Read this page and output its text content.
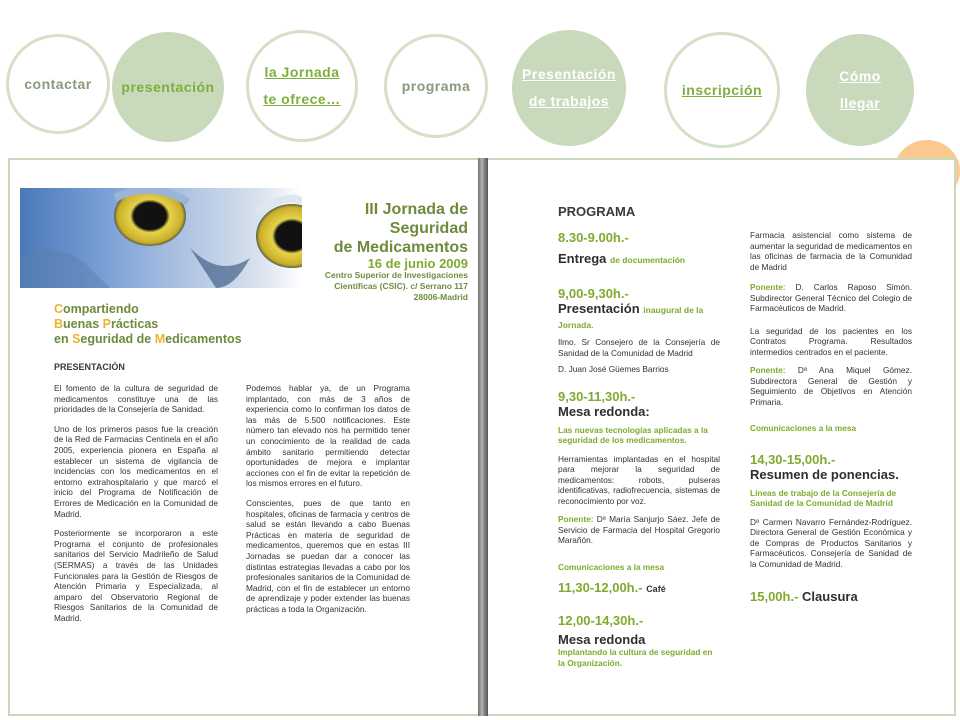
contactar presentación
la Jornada
te ofrece…
programa
Presentación
de trabajos
inscripción
Cómo
llegar
III Jornada de
Seguridad
de Medicamentos
16 de junio 2009
Centro Superior de Investigaciones
Científicas (CSIC). c/ Serrano 117
28006-Madrid
Compartiendo
Buenas Prácticas
en Seguridad de Medicamentos
PRESENTACIÓN

El fomento de la cultura de seguridad de medicamentos constituye una de las prioridades de la Consejería de Sanidad.

Uno de los primeros pasos fue la creación de la Red de Farmacias Centinela en el año 2005, experiencia pionera en España al establecer un sistema de vigilancia de incidencias con los medicamentos en el entorno extrahospitalario y que marcó el inicio del Programa de Notificación de Errores de Medicación en la Comunidad de Madrid.

Posteriormente se incorporaron a este Programa el conjunto de profesionales sanitarios del Servicio Madrileño de Salud (SERMAS) a través de las Unidades Funcionales para la Gestión de Riesgos de Atención Primaria y Especializada, al amparo del Observatorio Regional de Riesgos Sanitarios de la Comunidad de Madrid.

Podemos hablar ya, de un Programa implantado, con más de 3 años de experiencia como lo confirman los datos de las más de 5.500 notificaciones. Este número tan elevado nos ha permitido tener un conocimiento de la realidad de cada ámbito sanitario permitiendo detectar oportunidades de mejora e implantar acciones con el fin de evitar la repetición de los mismos errores en el futuro.

Conscientes, pues de que tanto en hospitales, oficinas de farmacia y centros de salud se están llevando a cabo Buenas Prácticas en materia de seguridad de medicamentos, queremos que en estas III Jornadas se puedan dar a conocer las distintas estrategias llevadas a cabo por los profesionales sanitarios de la Comunidad de Madrid, con el fin de establecer un entorno de aprendizaje y poder extender las buenas prácticas a toda la Organización.

PROGRAMA
8.30-9.00h.-
Entrega de documentación
9,00-9,30h.-
Presentación inaugural de la Jornada.
Ilmo. Sr Consejero de la Consejería de Sanidad de la Comunidad de Madrid
D. Juan José Güemes Barrios
9,30-11,30h.-
Mesa redonda:
Las nuevas tecnologías aplicadas a la seguridad de los medicamentos.
Herramientas implantadas en el hospital para mejorar la seguridad de medicamentos: robots, pulseras identificativas, radiofrecuencia, sistemas de reconocimiento por voz.
Ponente: Dª María Sanjurjo Sáez. Jefe de Servicio de Farmacia del Hospital Gregorio Marañón.
Comunicaciones a la mesa
11,30-12,00h.- Café
12,00-14,30h.-
Mesa redonda
Implantando la cultura de seguridad en la Organización.
Farmacia asistencial como sistema de aumentar la seguridad de medicamentos en las oficinas de farmacia de la Comunidad de Madrid
Ponente: D. Carlos Raposo Simón. Subdirector General Técnico del Colegio de Farmacéuticos de Madrid.
La seguridad de los pacientes en los Contratos Programa. Resultados intermedios centrados en el paciente.
Ponente: Dª Ana Miquel Gómez. Subdirectora General de Gestión y Seguimiento de Objetivos en Atención Primaria.
Comunicaciones a la mesa
14,30-15,00h.-
Resumen de ponencias.
Líneas de trabajo de la Consejería de Sanidad de la Comunidad de Madrid
Dª Carmen Navarro Fernández-Rodríguez. Directora General de Gestión Económica y de Compras de Productos Sanitarios y Farmacéuticos. Consejería de Sanidad de la Comunidad de Madrid.
15,00h.- Clausura
